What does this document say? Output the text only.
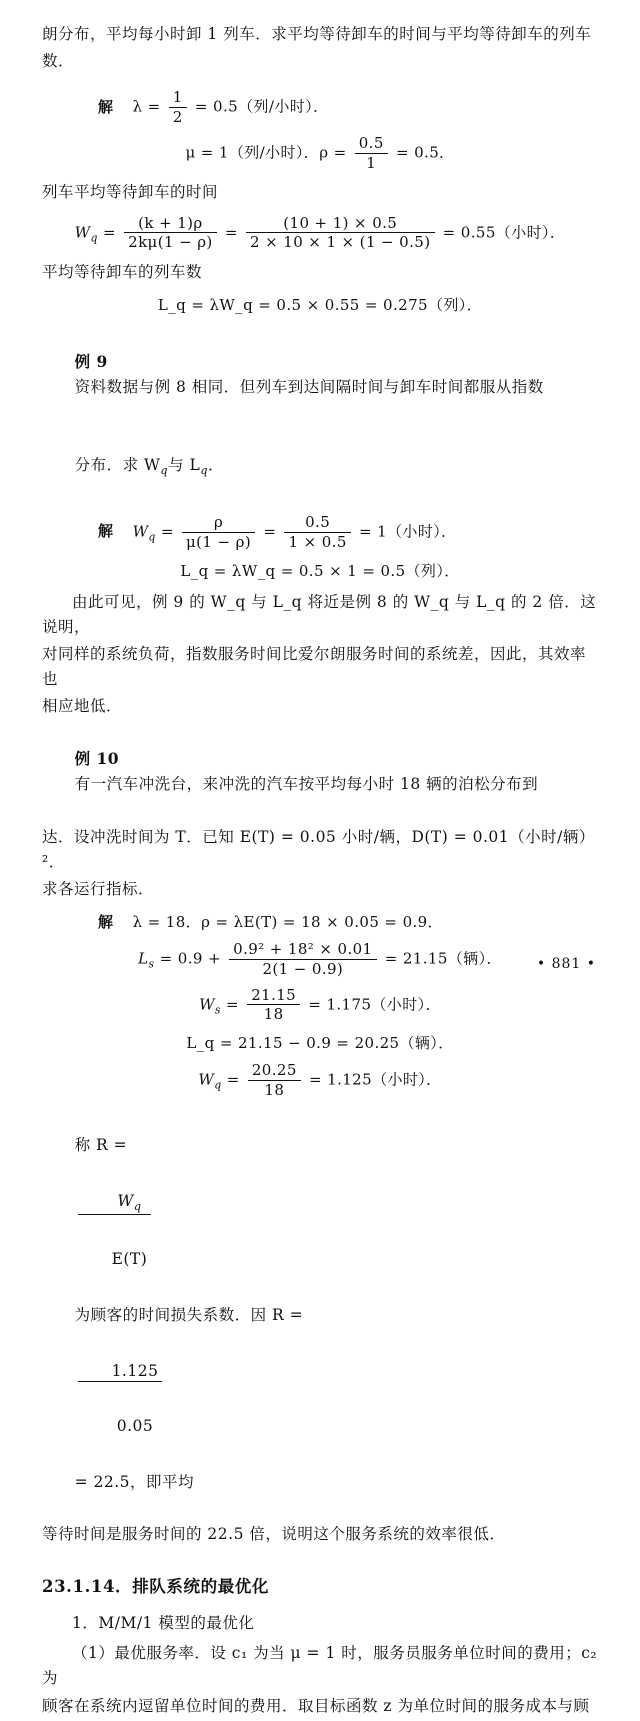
朗分布，平均每小时卸 1 列车．求平均等待卸车的时间与平均等待卸车的列车
数．
解 $\lambda = \frac{1}{2} = 0.5$（列/小时）．
μ = 1（列/小时）．$\rho = \frac{0.5}{1} = 0.5$．
列车平均等待卸车的时间
$W_q = \frac{(k + 1)\rho}{2k\mu(1 - \rho)} = \frac{(10 + 1) \times 0.5}{2 \times 10 \times 1 \times (1 - 0.5)} = 0.55$（小时）．
平均等待卸车的列车数
L_q = λW_q = 0.5 × 0.55 = 0.275（列）．

例 9
资料数据与例 8 相同．但列车到达间隔时间与卸车时间都服从指数

分布．求 $W_q$与 $L_q$．

解 $W_q = \frac{\rho}{\mu(1 - \rho)} = \frac{0.5}{1 \times 0.5} = 1$（小时）．
L_q = λW_q = 0.5 × 1 = 0.5（列）．
由此可见，例 9 的 W_q 与 L_q 将近是例 8 的 W_q 与 L_q 的 2 倍．这说明，
对同样的系统负荷，指数服务时间比爱尔朗服务时间的系统差，因此，其效率也
相应地低．

例 10
有一汽车冲洗台，来冲洗的汽车按平均每小时 18 辆的泊松分布到

达．设冲洗时间为 T．已知 E(T) = 0.05 小时/辆，D(T) = 0.01（小时/辆）²．
求各运行指标．
解 λ = 18．ρ = λE(T) = 18 × 0.05 = 0.9．
$L_s = 0.9 + \frac{\text{0.9² + 18² × 0.01}}{2(1 - 0.9)} = 21.15$（辆）．
$W_s = \frac{21.15}{18} = 1.175$（小时）．
L_q = 21.15 − 0.9 = 20.25（辆）．
$W_q = \frac{20.25}{18} = 1.125$（小时）．

称 R =

$\frac{W_q}{E(T)}$

为顾客的时间损失系数．因 R =

$\frac{1.125}{0.05}$

= 22.5，即平均

等待时间是服务时间的 22.5 倍，说明这个服务系统的效率很低．
23.1.14．排队系统的最优化
1．M/M/1 模型的最优化
（1）最优服务率．设 c₁ 为当 μ = 1 时，服务员服务单位时间的费用；c₂ 为
顾客在系统内逗留单位时间的费用．取目标函数 z 为单位时间的服务成本与顾
• 881 •
